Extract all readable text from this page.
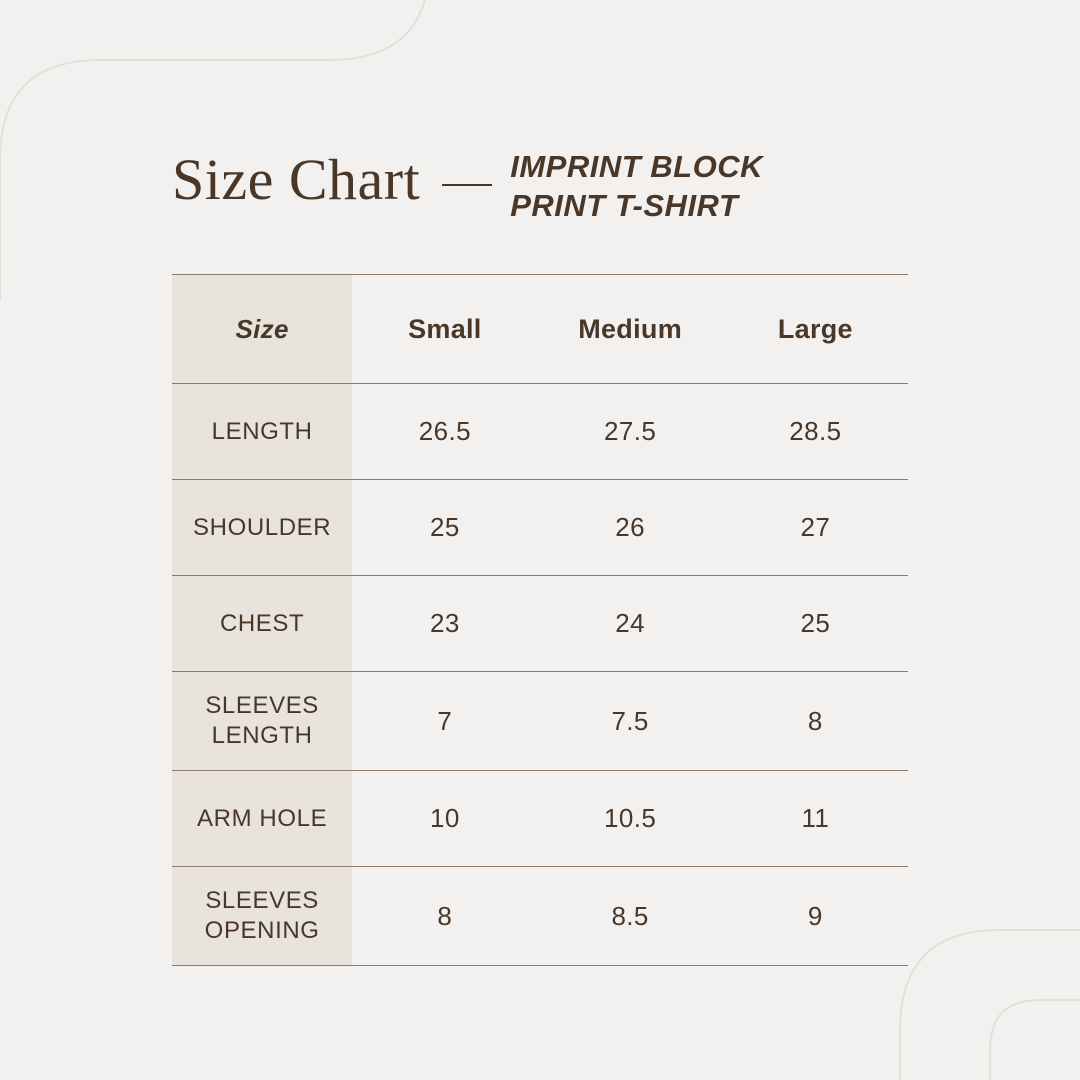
Size Chart	IMPRINT BLOCK
PRINT T-SHIRT
Size	Small	Medium	Large
LENGTH	26.5	27.5	28.5
SHOULDER	25	26	27
CHEST	23	24	25
SLEEVES LENGTH	7	7.5	8
ARM HOLE	10	10.5	11
SLEEVES OPENING	8	8.5	9
